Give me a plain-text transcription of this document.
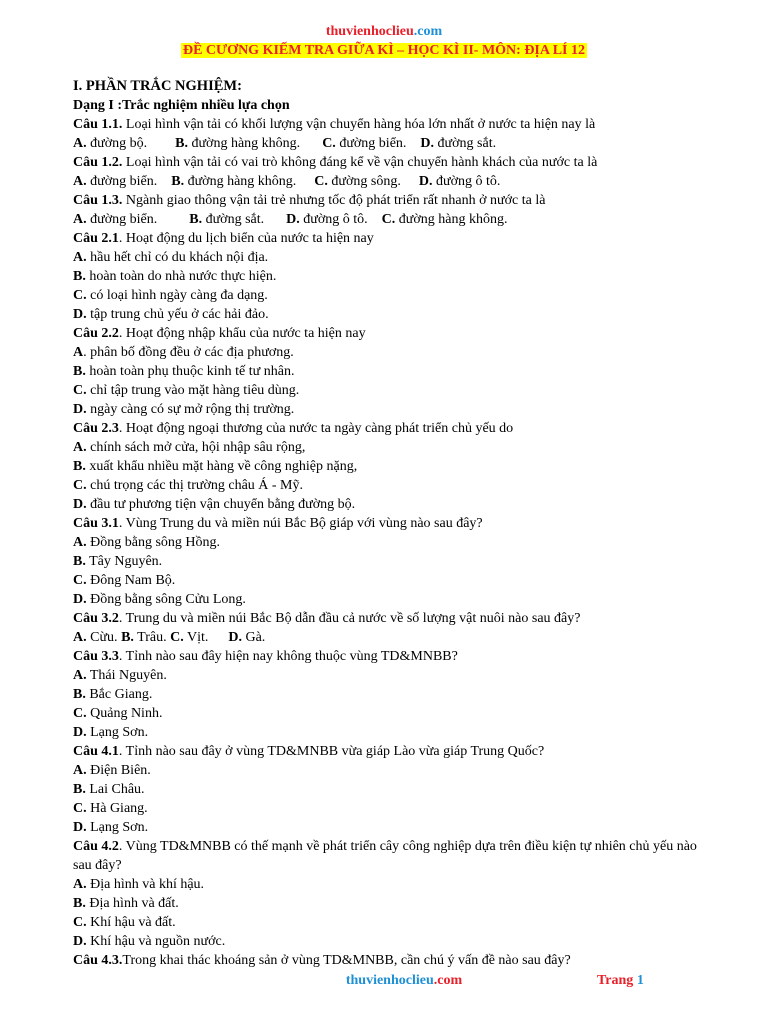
thuvienhoclieu.com
ĐỀ CƯƠNG KIẾM TRA GIỮA KÌ – HỌC KÌ II- MÔN: ĐỊA LÍ 12
I. PHẦN TRẮC NGHIỆM:
Dạng I :Trắc nghiệm nhiều lựa chọn
Câu 1.1. Loại hình vận tải có khối lượng vận chuyển hàng hóa lớn nhất ở nước ta hiện nay là
A. đường bộ. B. đường hàng không. C. đường biển. D. đường sắt.
Câu 1.2. Loại hình vận tải có vai trò không đáng kể về vận chuyển hành khách của nước ta là
A. đường biển. B. đường hàng không. C. đường sông. D. đường ô tô.
Câu 1.3. Ngành giao thông vận tải trẻ nhưng tốc độ phát triển rất nhanh ở nước ta là
A. đường biển. B. đường sắt. D. đường ô tô. C. đường hàng không.
Câu 2.1. Hoạt động du lịch biển của nước ta hiện nay
A. hầu hết chỉ có du khách nội địa.
B. hoàn toàn do nhà nước thực hiện.
C. có loại hình ngày càng đa dạng.
D. tập trung chủ yếu ở các hải đảo.
Câu 2.2. Hoạt động nhập khẩu của nước ta hiện nay
A. phân bố đồng đều ở các địa phương.
B. hoàn toàn phụ thuộc kinh tế tư nhân.
C. chỉ tập trung vào mặt hàng tiêu dùng.
D. ngày càng có sự mở rộng thị trường.
Câu 2.3. Hoạt động ngoại thương của nước ta ngày càng phát triển chủ yếu do
A. chính sách mở cửa, hội nhập sâu rộng,
B. xuất khẩu nhiều mặt hàng về công nghiệp nặng,
C. chú trọng các thị trường châu Á - Mỹ.
D. đầu tư phương tiện vận chuyển bằng đường bộ.
Câu 3.1. Vùng Trung du và miền núi Bắc Bộ giáp với vùng nào sau đây?
A. Đồng bằng sông Hồng.
B. Tây Nguyên.
C. Đông Nam Bộ.
D. Đồng bằng sông Cửu Long.
Câu 3.2. Trung du và miền núi Bắc Bộ dẫn đầu cả nước về số lượng vật nuôi nào sau đây?
A. Cừu. B. Trâu. C. Vịt. D. Gà.
Câu 3.3. Tỉnh nào sau đây hiện nay không thuộc vùng TD&MNBB?
A. Thái Nguyên.
B. Bắc Giang.
C. Quảng Ninh.
D. Lạng Sơn.
Câu 4.1. Tỉnh nào sau đây ở vùng TD&MNBB vừa giáp Lào vừa giáp Trung Quốc?
A. Điện Biên.
B. Lai Châu.
C. Hà Giang.
D. Lạng Sơn.
Câu 4.2. Vùng TD&MNBB có thế mạnh về phát triển cây công nghiệp dựa trên điều kiện tự nhiên chủ yếu nào sau đây?
A. Địa hình và khí hậu.
B. Địa hình và đất.
C. Khí hậu và đất.
D. Khí hậu và nguồn nước.
Câu 4.3.Trong khai thác khoáng sản ở vùng TD&MNBB, cần chú ý vấn đề nào sau đây?
thuvienhoclieu.com	Trang 1
